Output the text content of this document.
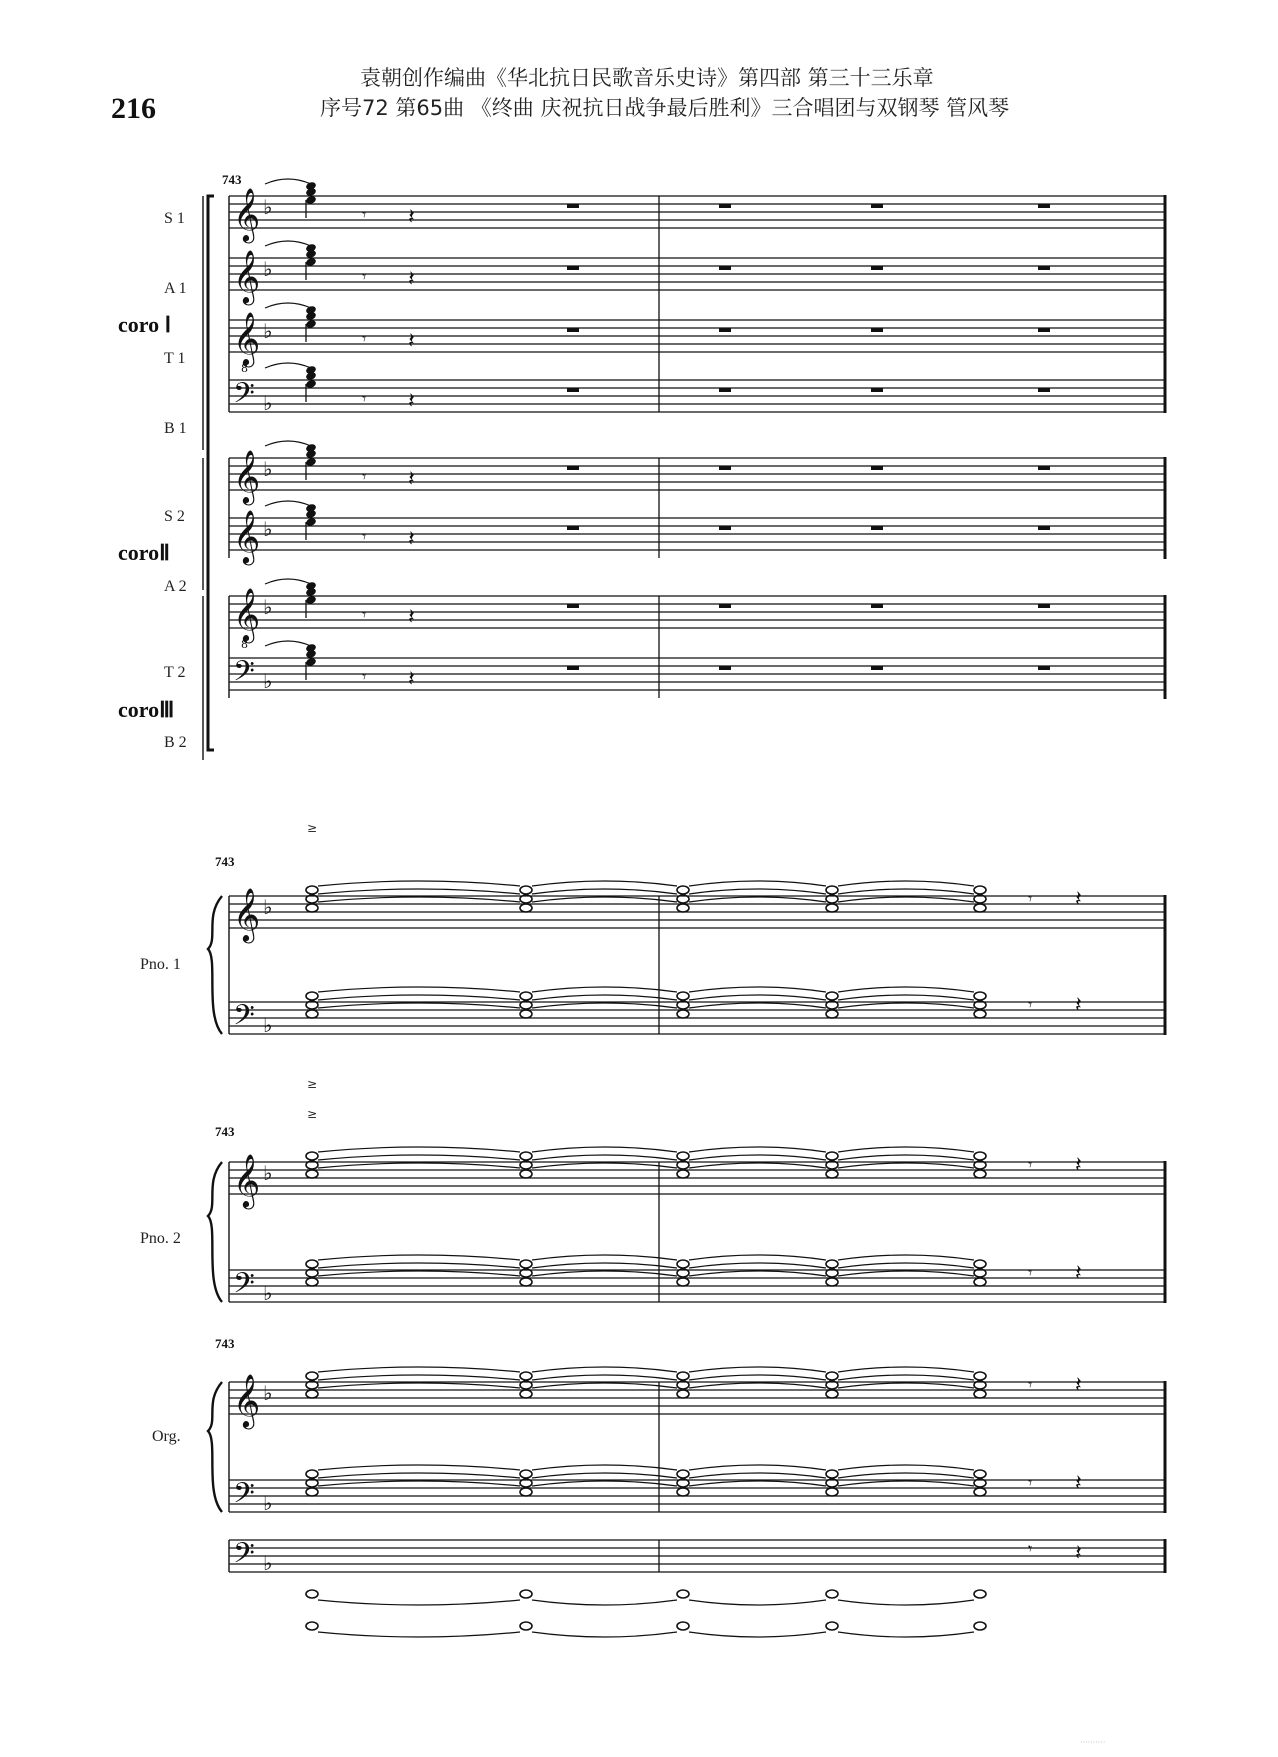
216
袁朝创作编曲《华北抗日民歌音乐史诗》第四部 第三十三乐章
序号72 第65曲 《终曲 庆祝抗日战争最后胜利》三合唱团与双钢琴 管风琴
743
743
743
743
S 1
A 1
T 1
B 1
S 2
A 2
T 2
B 2
coro Ⅰ
coroⅡ
coroⅢ
Pno. 1
Pno. 2
Org.
··········
𝄞 ♭	𝄾 𝄽
𝄞 ♭	𝄾 𝄽
𝄞
8
♭	𝄾 𝄽
𝄢 ♭	𝄾 𝄽
𝄞 ♭	𝄾 𝄽
𝄞 ♭	𝄾 𝄽
𝄞
8
♭	𝄾 𝄽
𝄢 ♭	𝄾 𝄽
𝄞 ♭
𝄢 ♭
𝄾 𝄽
𝄾 𝄽
𝄞 ♭
𝄢 ♭
𝄾 𝄽
𝄾 𝄽
𝄞 ♭
𝄢 ♭
𝄾 𝄽
𝄾 𝄽
𝄢 ♭
𝄾 𝄽
≥
≥
≥
